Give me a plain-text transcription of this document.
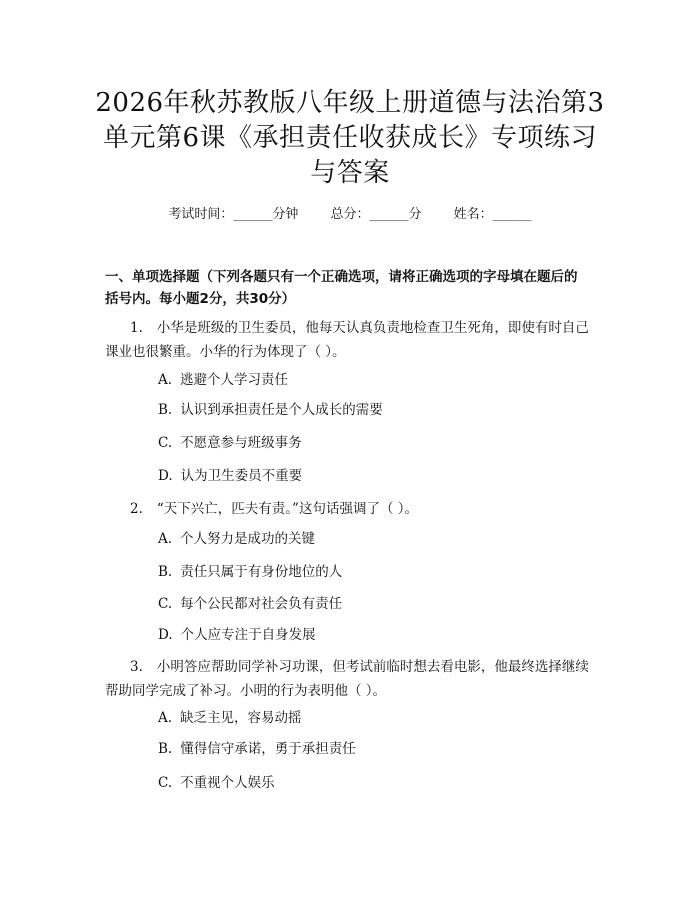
2026年秋苏教版八年级上册道德与法治第3
单元第6课《承担责任收获成长》专项练习
与答案
考试时间：______分钟 总分：______分 姓名：______
一、单项选择题（下列各题只有一个正确选项，请将正确选项的字母填在题后的
括号内。每小题2分，共30分）
1. 小华是班级的卫生委员，他每天认真负责地检查卫生死角，即使有时自己
课业也很繁重。小华的行为体现了（ ）。
A. 逃避个人学习责任
B. 认识到承担责任是个人成长的需要
C. 不愿意参与班级事务
D. 认为卫生委员不重要
2. “天下兴亡，匹夫有责。”这句话强调了（ ）。
A. 个人努力是成功的关键
B. 责任只属于有身份地位的人
C. 每个公民都对社会负有责任
D. 个人应专注于自身发展
3. 小明答应帮助同学补习功课，但考试前临时想去看电影，他最终选择继续
帮助同学完成了补习。小明的行为表明他（ ）。
A. 缺乏主见，容易动摇
B. 懂得信守承诺，勇于承担责任
C. 不重视个人娱乐
